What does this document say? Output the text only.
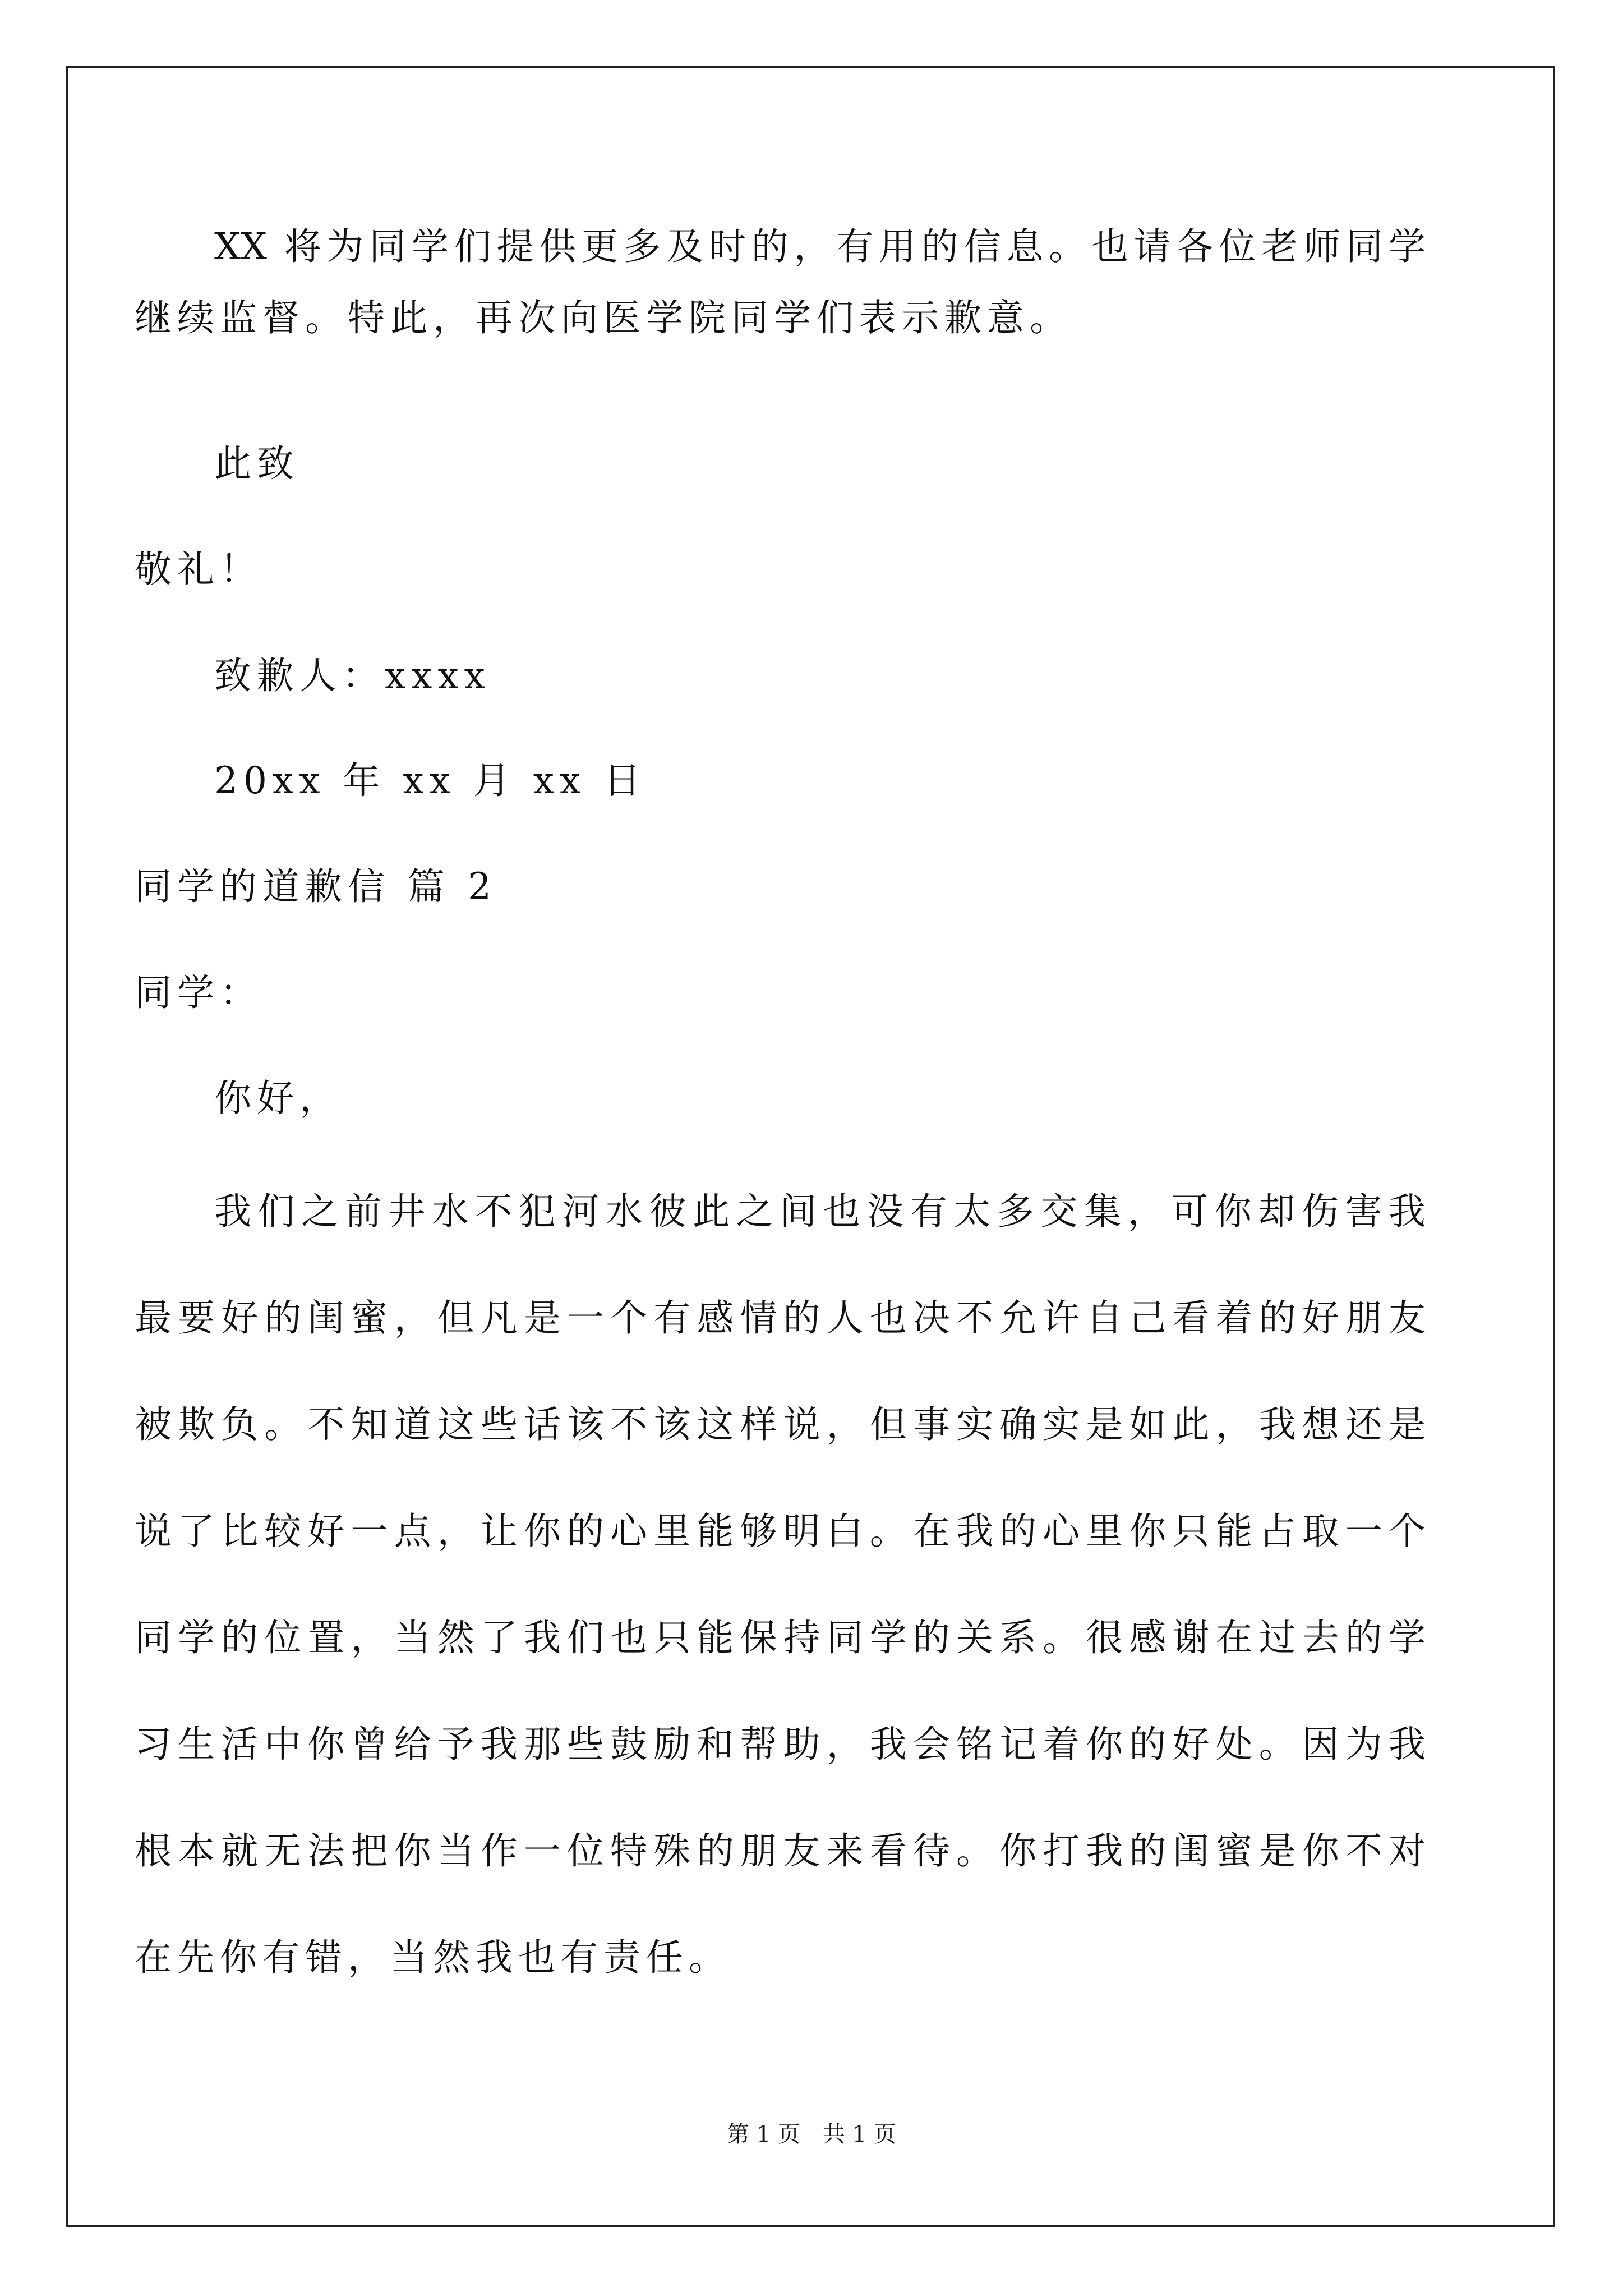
XX 将为同学们提供更多及时的，有用的信息。也请各位老师同学
继续监督。特此，再次向医学院同学们表示歉意。
此致
敬礼！
致歉人：xxxx
20xx 年 xx 月 xx 日
同学的道歉信 篇 2
同学：
你好，
我们之前井水不犯河水彼此之间也没有太多交集，可你却伤害我
最要好的闺蜜，但凡是一个有感情的人也决不允许自己看着的好朋友
被欺负。不知道这些话该不该这样说，但事实确实是如此，我想还是
说了比较好一点，让你的心里能够明白。在我的心里你只能占取一个
同学的位置，当然了我们也只能保持同学的关系。很感谢在过去的学
习生活中你曾给予我那些鼓励和帮助，我会铭记着你的好处。因为我
根本就无法把你当作一位特殊的朋友来看待。你打我的闺蜜是你不对
在先你有错，当然我也有责任。
第 1 页　共 1 页
